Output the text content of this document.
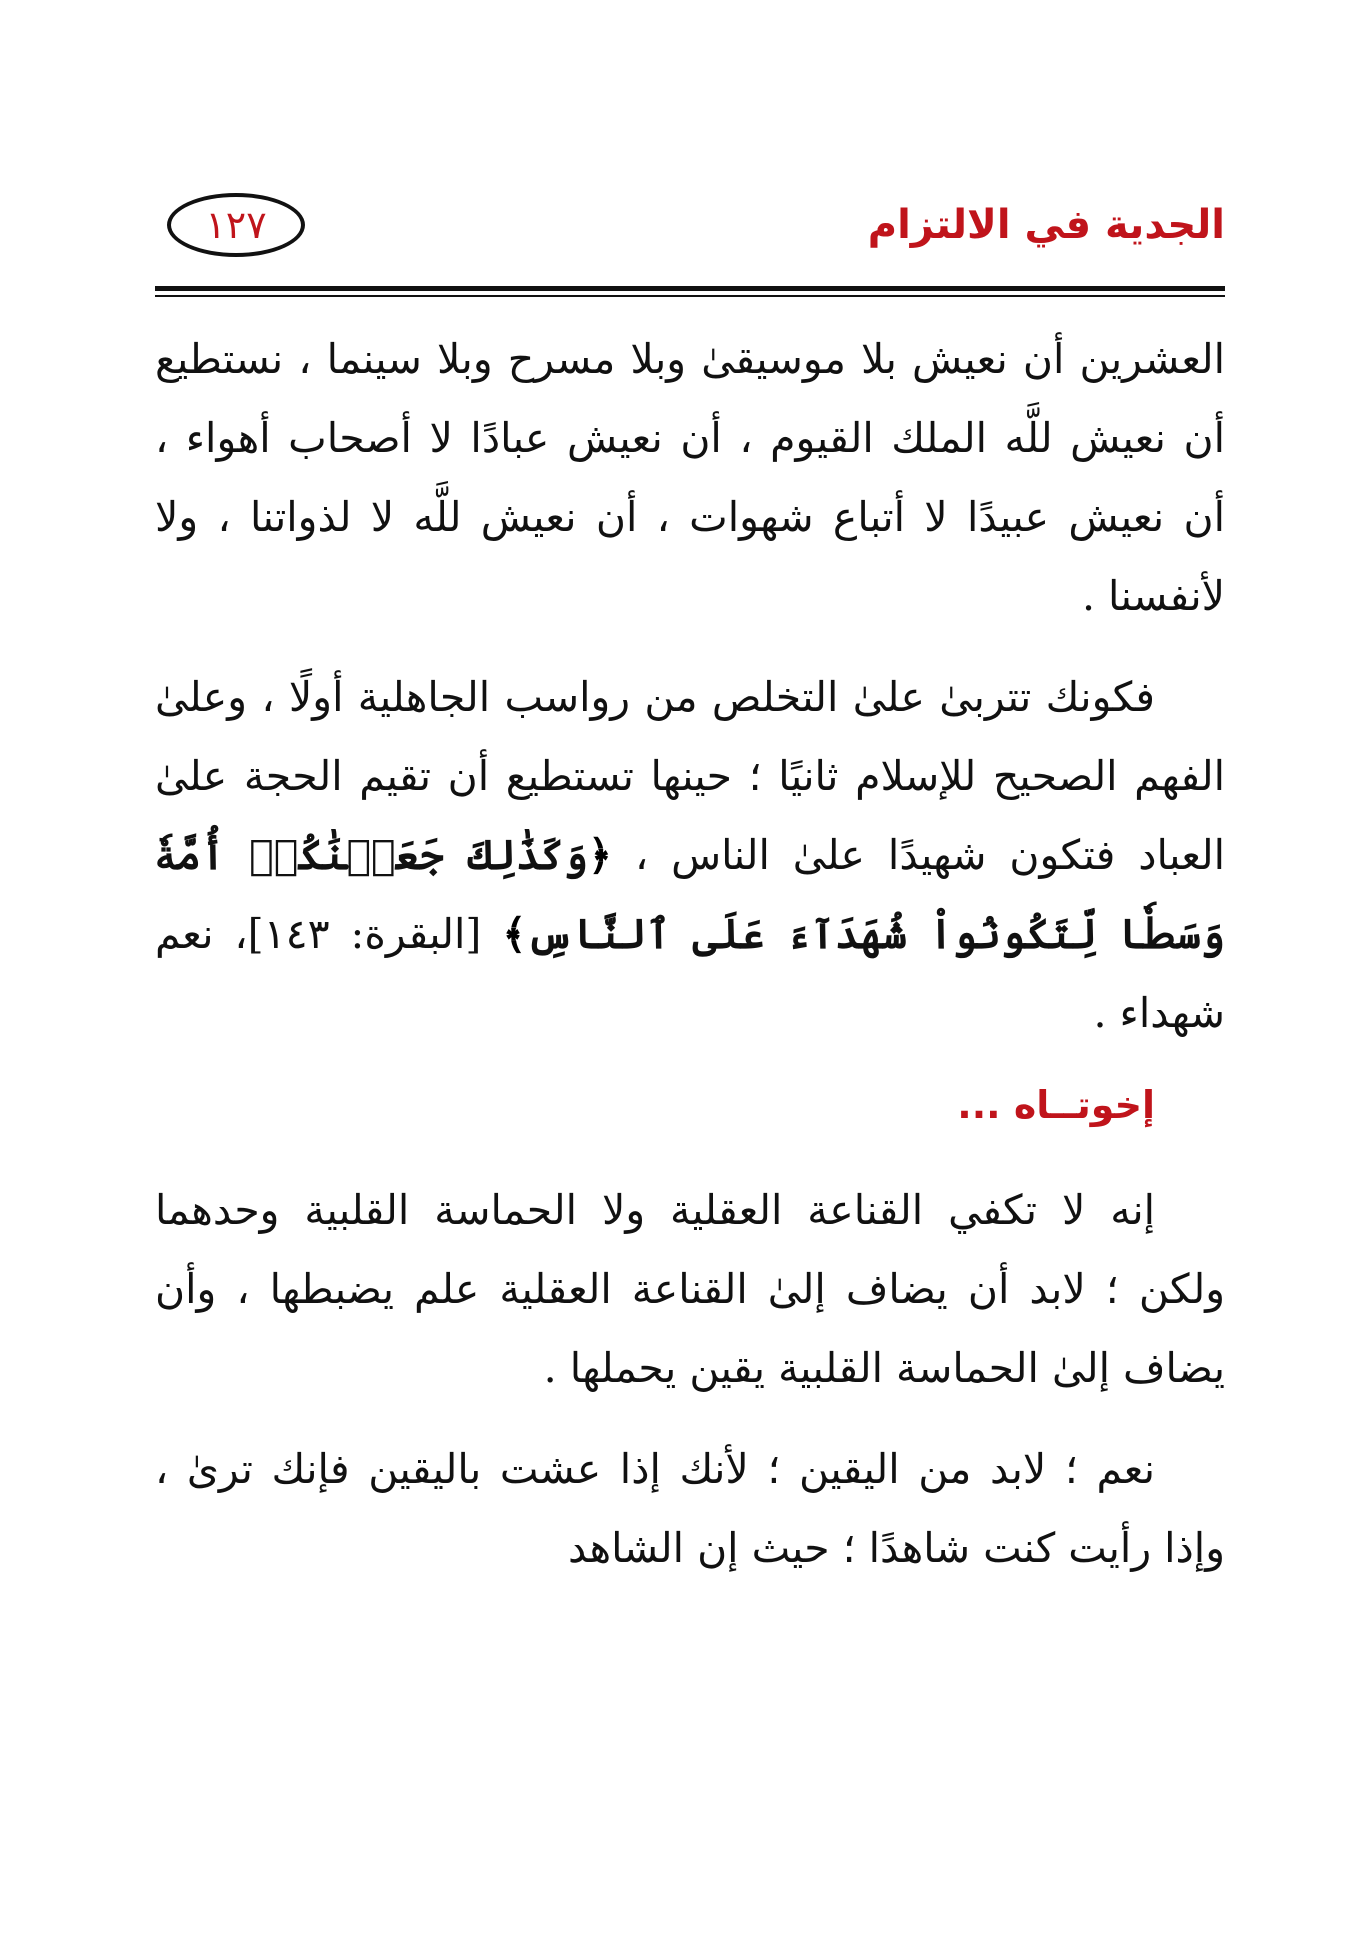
الجدية في الالتزام
١٢٧

العشرين أن نعيش بلا موسيقىٰ وبلا مسرح وبلا سينما ، نستطيع أن نعيش للَّه الملك القيوم ، أن نعيش عبادًا لا أصحاب أهواء ، أن نعيش عبيدًا لا أتباع شهوات ، أن نعيش للَّه لا لذواتنا ، ولا لأنفسنا .

فكونك تتربىٰ علىٰ التخلص من رواسب الجاهلية أولًا ، وعلىٰ الفهم الصحيح للإسلام ثانيًا ؛ حينها تستطيع أن تقيم الحجة علىٰ العباد فتكون شهيدًا علىٰ الناس ، ﴿وَكَذَٰلِكَ جَعَلۡنَٰكُمۡ أُمَّةٗ وَسَطٗا لِّتَكُونُواْ شُهَدَآءَ عَلَى ٱلنَّاسِ﴾ [البقرة: ١٤٣]، نعم شهداء .

إخوتــاه ...

إنه لا تكفي القناعة العقلية ولا الحماسة القلبية وحدهما ولكن ؛ لابد أن يضاف إلىٰ القناعة العقلية علم يضبطها ، وأن يضاف إلىٰ الحماسة القلبية يقين يحملها .

نعم ؛ لابد من اليقين ؛ لأنك إذا عشت باليقين فإنك ترىٰ ، وإذا رأيت كنت شاهدًا ؛ حيث إن الشاهد
